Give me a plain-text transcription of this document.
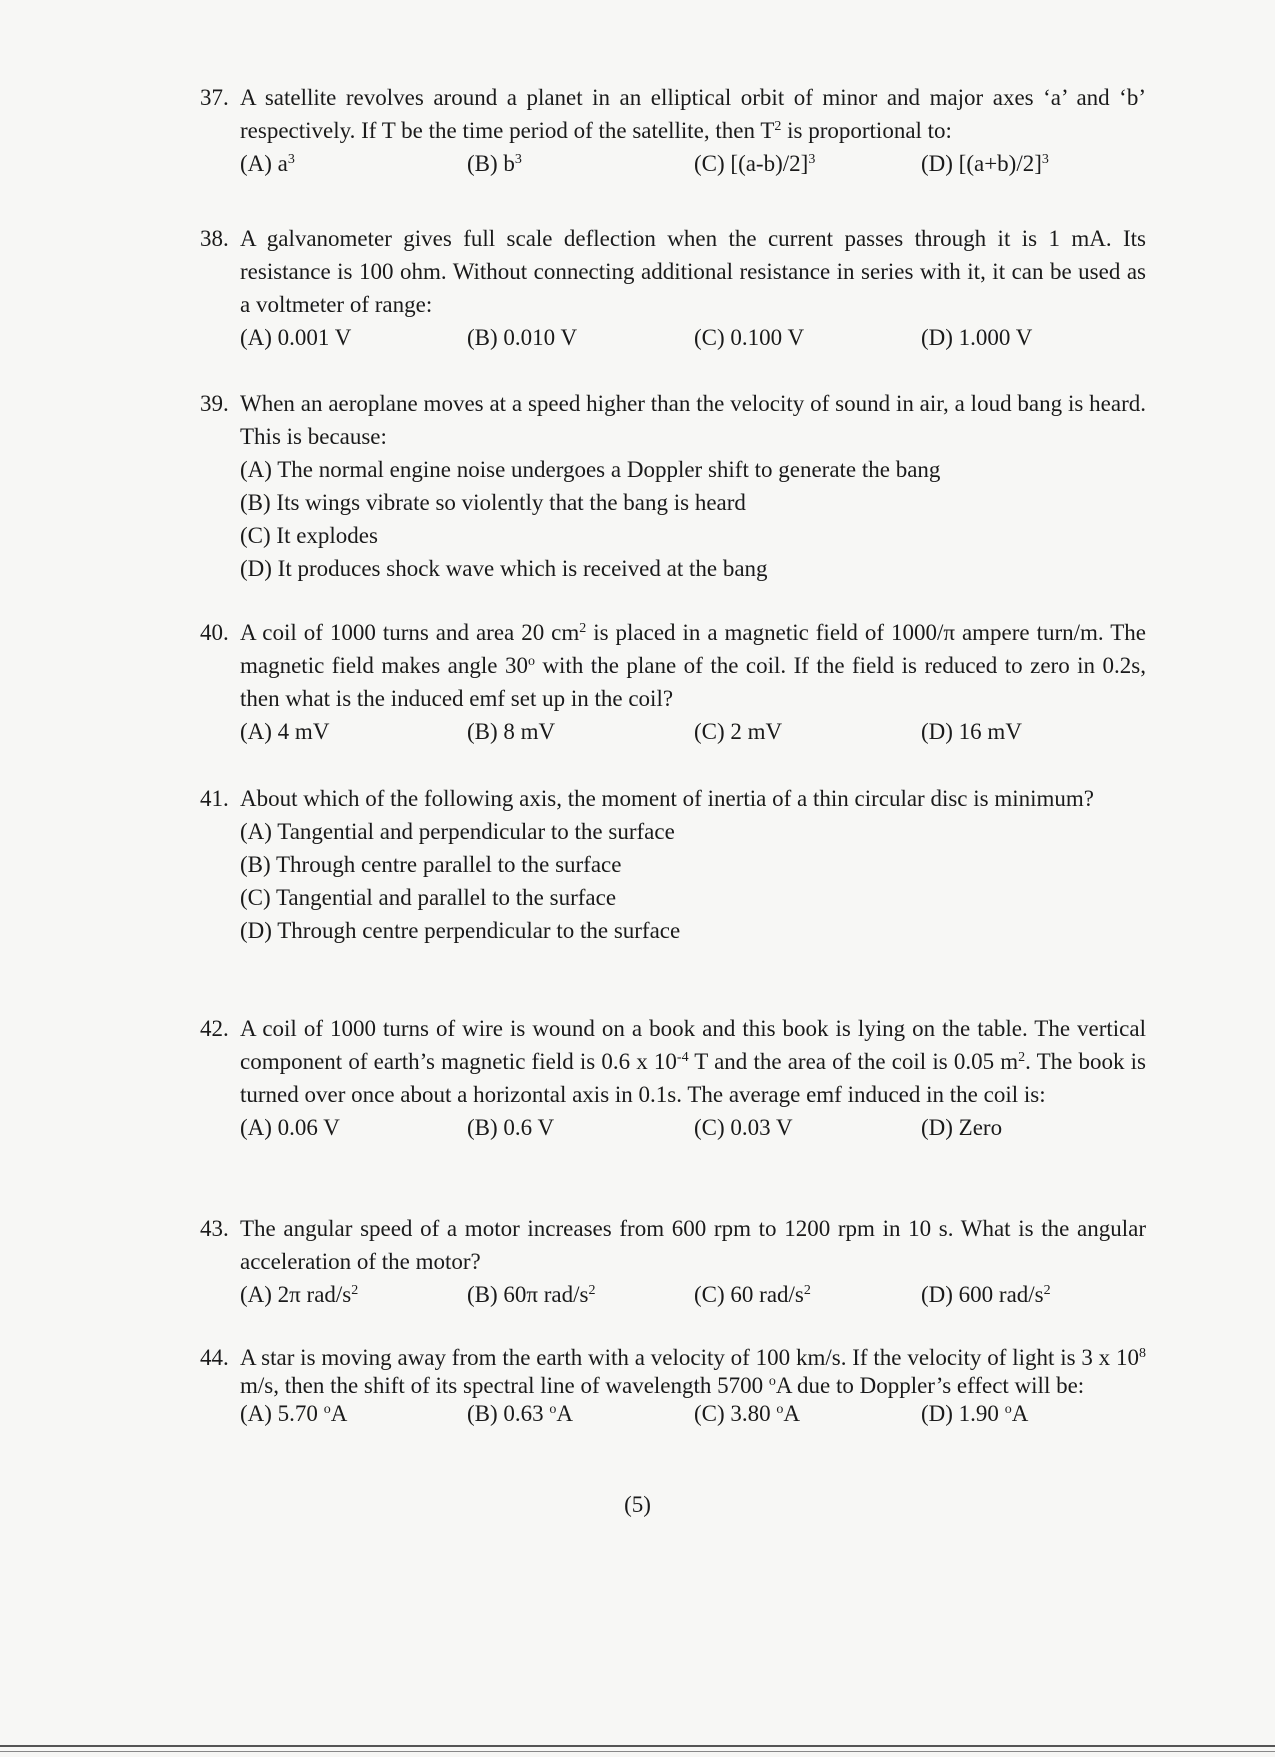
37. A satellite revolves around a planet in an elliptical orbit of minor and major axes ‘a’ and ‘b’ respectively. If T be the time period of the satellite, then $T^2$ is proportional to:
(A) $a^3$	(B) $b^3$	(C) $[(a-b)/2]^3$	(D) $[(a+b)/2]^3$
38. A galvanometer gives full scale deflection when the current passes through it is 1 mA. Its resistance is 100 ohm. Without connecting additional resistance in series with it, it can be used as a voltmeter of range:
(A) 0.001 V	(B) 0.010 V	(C) 0.100 V	(D) 1.000 V
39. When an aeroplane moves at a speed higher than the velocity of sound in air, a loud bang is heard. This is because:
(A) The normal engine noise undergoes a Doppler shift to generate the bang
(B) Its wings vibrate so violently that the bang is heard
(C) It explodes
(D) It produces shock wave which is received at the bang
40. A coil of 1000 turns and area 20 $cm^2$ is placed in a magnetic field of 1000/π ampere turn/m. The magnetic field makes angle 30$^o$ with the plane of the coil. If the field is reduced to zero in 0.2s, then what is the induced emf set up in the coil?
(A) 4 mV	(B) 8 mV	(C) 2 mV	(D) 16 mV
41. About which of the following axis, the moment of inertia of a thin circular disc is minimum?
(A) Tangential and perpendicular to the surface
(B) Through centre parallel to the surface
(C) Tangential and parallel to the surface
(D) Through centre perpendicular to the surface
42. A coil of 1000 turns of wire is wound on a book and this book is lying on the table. The vertical component of earth’s magnetic field is 0.6 x $10^{-4}$ T and the area of the coil is 0.05 $m^2$. The book is turned over once about a horizontal axis in 0.1s. The average emf induced in the coil is:
(A) 0.06 V	(B) 0.6 V	(C) 0.03 V	(D) Zero
43. The angular speed of a motor increases from 600 rpm to 1200 rpm in 10 s. What is the angular acceleration of the motor?
(A) 2π rad/$s^2$	(B) 60π rad/$s^2$	(C) 60 rad/$s^2$	(D) 600 rad/$s^2$
44. A star is moving away from the earth with a velocity of 100 km/s. If the velocity of light is 3 x $10^8$ m/s, then the shift of its spectral line of wavelength 5700 $^o$A due to Doppler’s effect will be:
(A) 5.70 $^o$A	(B) 0.63 $^o$A	(C) 3.80 $^o$A	(D) 1.90 $^o$A
(5)
